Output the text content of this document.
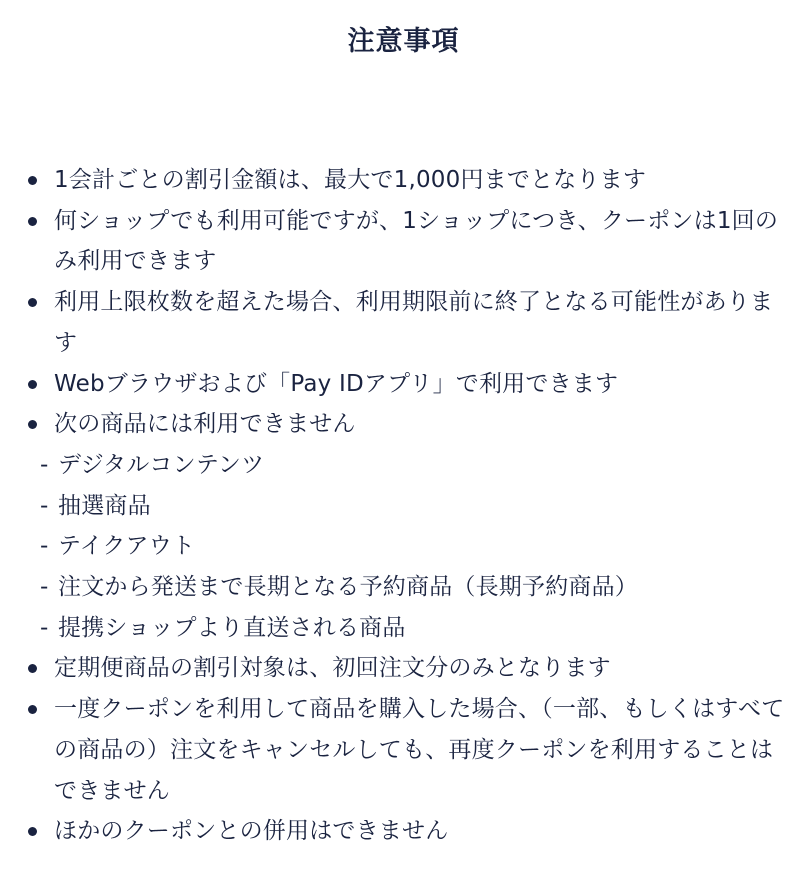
注意事項
1会計ごとの割引金額は、最大で1,000円までとなります
何ショップでも利用可能ですが、1ショップにつき、クーポンは1回のみ利用できます
利用上限枚数を超えた場合、利用期限前に終了となる可能性があります
Webブラウザおよび「Pay IDアプリ」で利用できます
次の商品には利用できません
- デジタルコンテンツ
- 抽選商品
- テイクアウト
- 注文から発送まで長期となる予約商品（長期予約商品）
- 提携ショップより直送される商品
定期便商品の割引対象は、初回注文分のみとなります
一度クーポンを利用して商品を購入した場合、（一部、もしくはすべての商品の）注文をキャンセルしても、再度クーポンを利用することはできません
ほかのクーポンとの併用はできません
